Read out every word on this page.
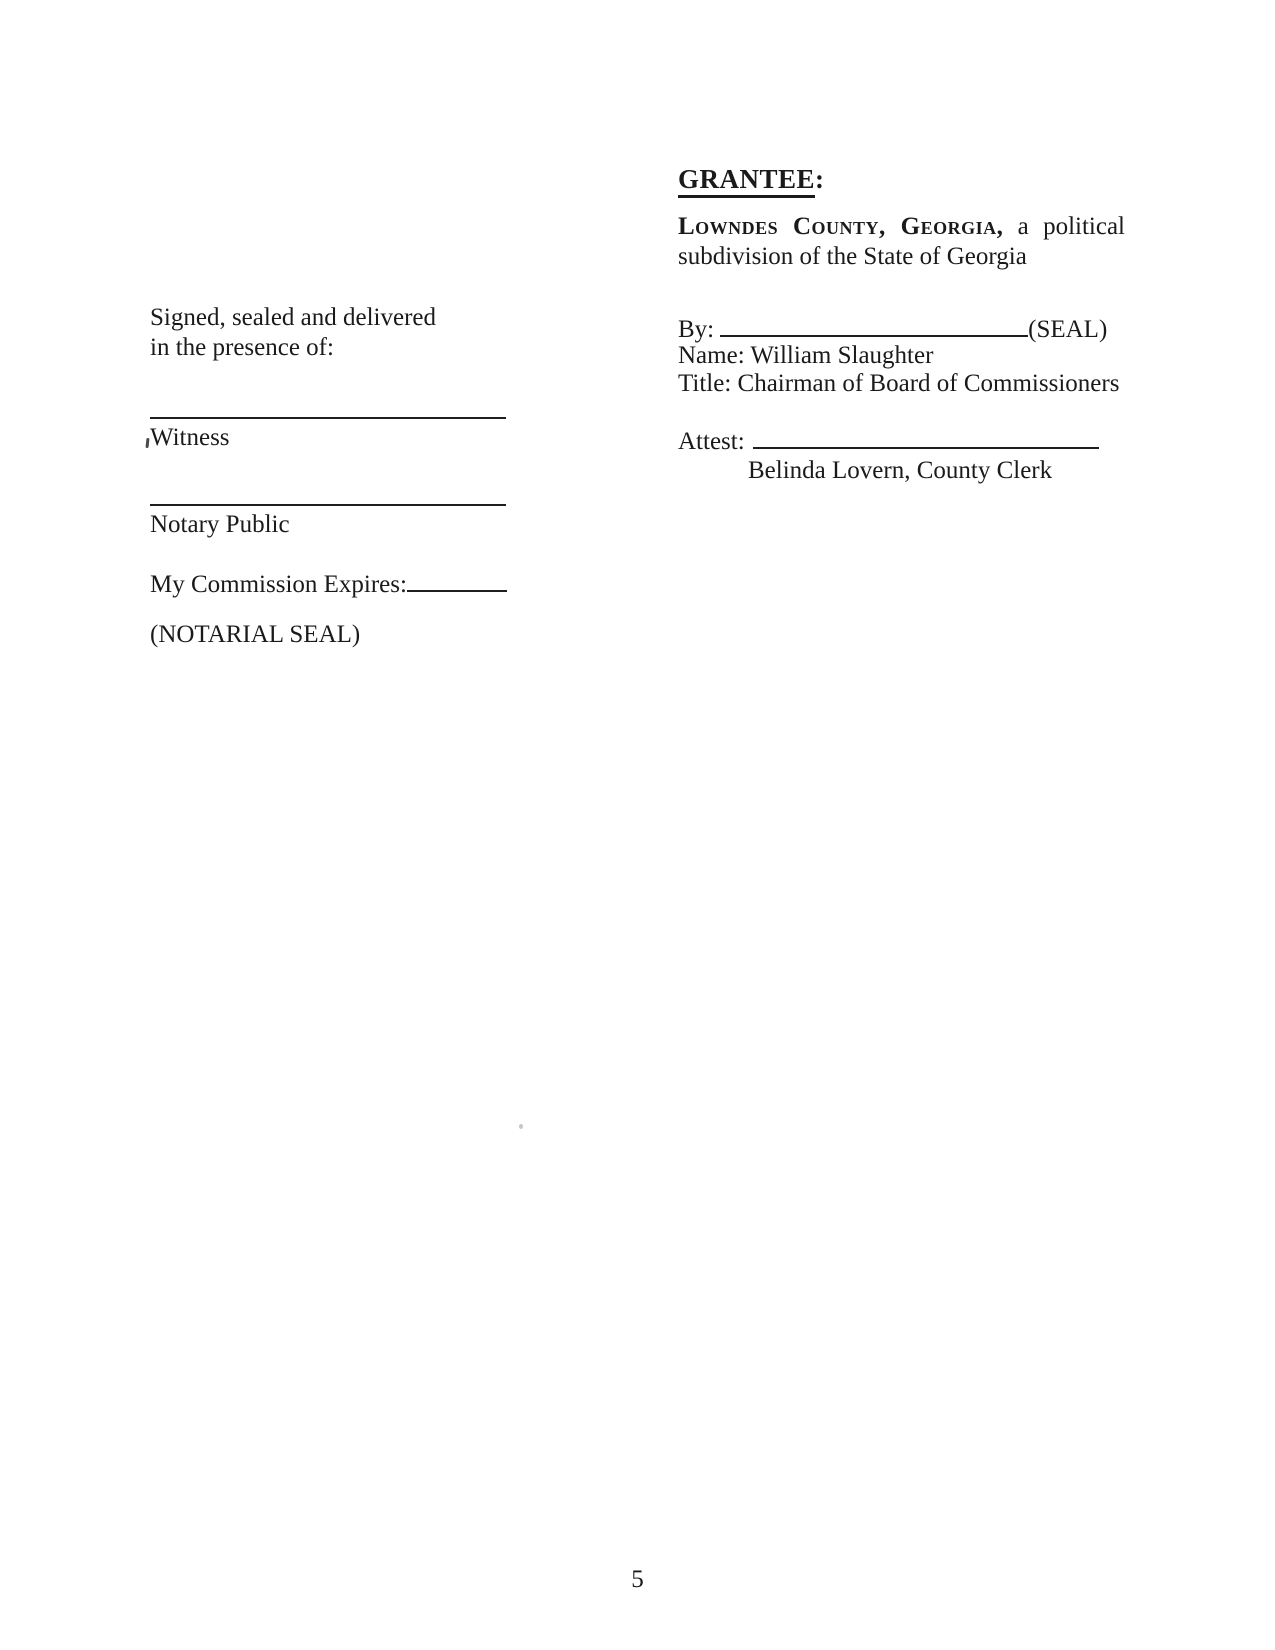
GRANTEE:
Lowndes County, Georgia, a political
subdivision of the State of Georgia
By:	(SEAL)
Name: William Slaughter
Title: Chairman of Board of Commissioners
Attest:
Belinda Lovern, County Clerk
Signed, sealed and delivered
in the presence of:
Witness
Notary Public
My Commission Expires:
(NOTARIAL SEAL)
5
